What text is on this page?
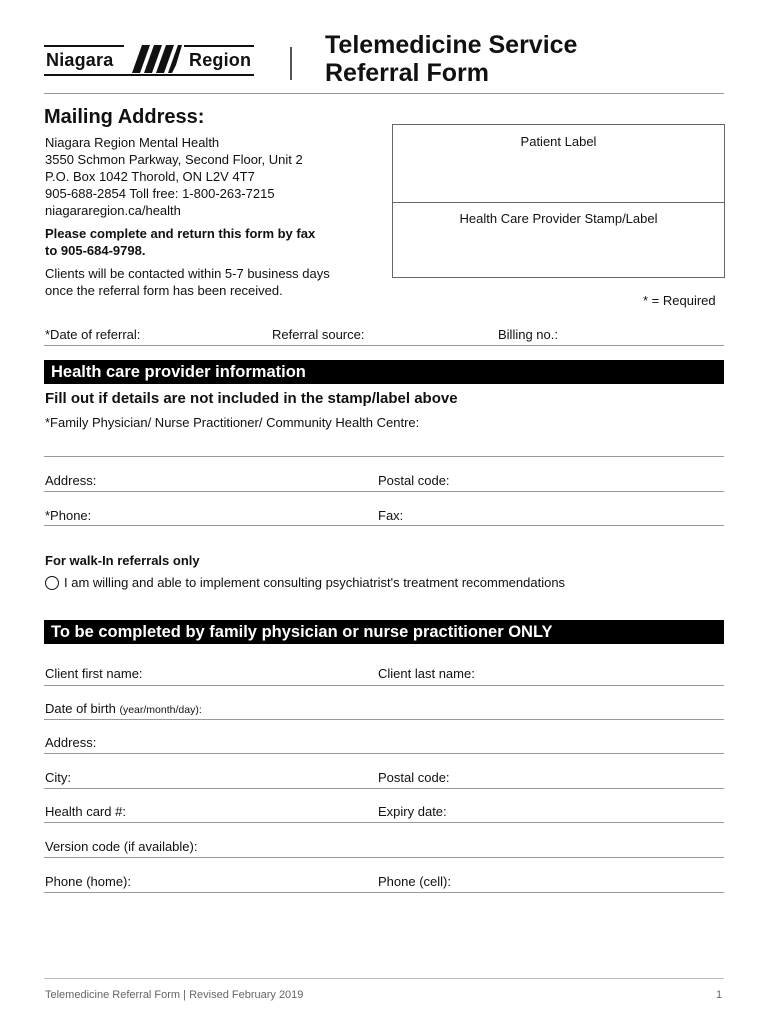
Niagara	Region
Telemedicine Service
Referral Form
Mailing Address:
Niagara Region Mental Health
3550 Schmon Parkway, Second Floor, Unit 2
P.O. Box 1042 Thorold, ON L2V 4T7
905-688-2854 Toll free: 1-800-263-7215
niagararegion.ca/health
Please complete and return this form by fax
to 905-684-9798.
Clients will be contacted within 5-7 business days
once the referral form has been received.
Patient Label
Health Care Provider Stamp/Label
* = Required
*Date of referral:	Referral source:	Billing no.:
Health care provider information
Fill out if details are not included in the stamp/label above
*Family Physician/ Nurse Practitioner/ Community Health Centre:
Address:	Postal code:
*Phone:	Fax:
For walk-In referrals only
I am willing and able to implement consulting psychiatrist's treatment recommendations
To be completed by family physician or nurse practitioner ONLY
Client first name:	Client last name:
Date of birth (year/month/day):
Address:
City:	Postal code:
Health card #:	Expiry date:
Version code (if available):
Phone (home):	Phone (cell):
Telemedicine Referral Form | Revised February 2019	1
